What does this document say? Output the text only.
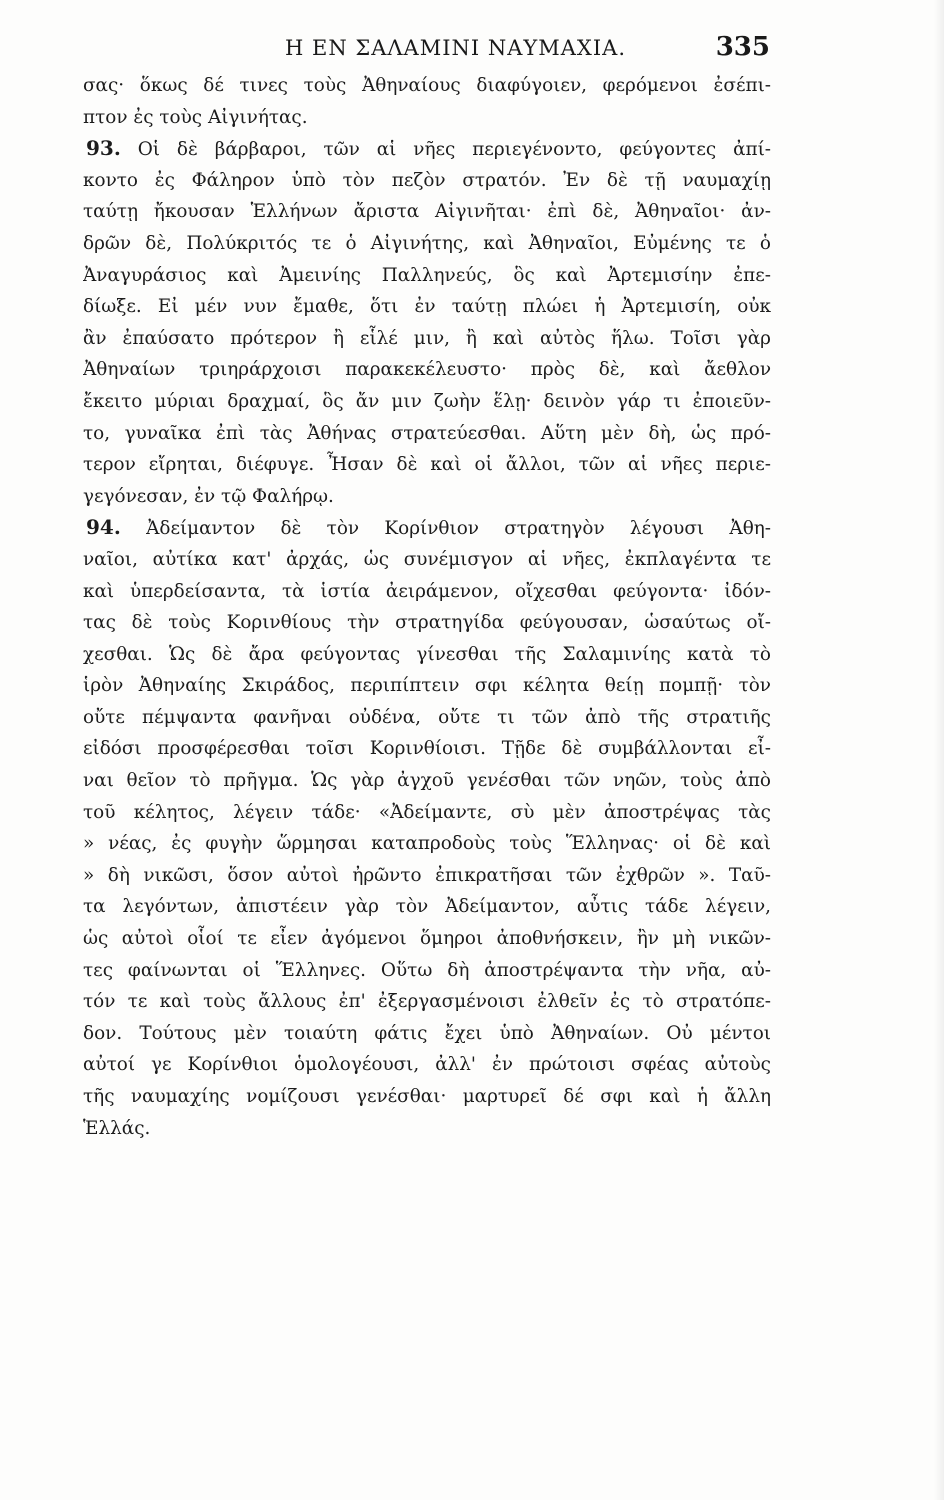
Η ΕΝ ΣΑΛΑΜΙΝΙ ΝΑΥΜΑΧΙΑ.	335
σας· ὅκως δέ τινες τοὺς Ἀθηναίους διαφύγοιεν, φερόμενοι ἐσέπι-
πτον ἐς τοὺς Αἰγινήτας.
93. Οἱ δὲ βάρβαροι, τῶν αἱ νῆες περιεγένοντο, φεύγοντες ἀπί-
κοντο ἐς Φάληρον ὑπὸ τὸν πεζὸν στρατόν. Ἐν δὲ τῇ ναυμαχίῃ
ταύτῃ ἤκουσαν Ἑλλήνων ἄριστα Αἰγινῆται· ἐπὶ δὲ, Ἀθηναῖοι· ἀν-
δρῶν δὲ, Πολύκριτός τε ὁ Αἰγινήτης, καὶ Ἀθηναῖοι, Εὐμένης τε ὁ
Ἀναγυράσιος καὶ Ἀμεινίης Παλληνεύς, ὃς καὶ Ἀρτεμισίην ἐπε-
δίωξε. Εἰ μέν νυν ἔμαθε, ὅτι ἐν ταύτῃ πλώει ἡ Ἀρτεμισίη, οὐκ
ἂν ἐπαύσατο πρότερον ἢ εἷλέ μιν, ἢ καὶ αὐτὸς ἥλω. Τοῖσι γὰρ
Ἀθηναίων τριηράρχοισι παρακεκέλευστο· πρὸς δὲ, καὶ ἄεθλον
ἔκειτο μύριαι δραχμαί, ὃς ἄν μιν ζωὴν ἕλῃ· δεινὸν γάρ τι ἐποιεῦν-
το, γυναῖκα ἐπὶ τὰς Ἀθήνας στρατεύεσθαι. Αὕτη μὲν δὴ, ὡς πρό-
τερον εἴρηται, διέφυγε. Ἦσαν δὲ καὶ οἱ ἄλλοι, τῶν αἱ νῆες περιε-
γεγόνεσαν, ἐν τῷ Φαλήρῳ.
94. Ἀδείμαντον δὲ τὸν Κορίνθιον στρατηγὸν λέγουσι Ἀθη-
ναῖοι, αὐτίκα κατ' ἀρχάς, ὡς συνέμισγον αἱ νῆες, ἐκπλαγέντα τε
καὶ ὑπερδείσαντα, τὰ ἱστία ἀειράμενον, οἴχεσθαι φεύγοντα· ἰδόν-
τας δὲ τοὺς Κορινθίους τὴν στρατηγίδα φεύγουσαν, ὡσαύτως οἴ-
χεσθαι. Ὡς δὲ ἄρα φεύγοντας γίνεσθαι τῆς Σαλαμινίης κατὰ τὸ
ἱρὸν Ἀθηναίης Σκιράδος, περιπίπτειν σφι κέλητα θείῃ πομπῇ· τὸν
οὔτε πέμψαντα φανῆναι οὐδένα, οὔτε τι τῶν ἀπὸ τῆς στρατιῆς
εἰδόσι προσφέρεσθαι τοῖσι Κορινθίοισι. Τῇδε δὲ συμβάλλονται εἶ-
ναι θεῖον τὸ πρῆγμα. Ὡς γὰρ ἀγχοῦ γενέσθαι τῶν νηῶν, τοὺς ἀπὸ
τοῦ κέλητος, λέγειν τάδε· «Ἀδείμαντε, σὺ μὲν ἀποστρέψας τὰς
» νέας, ἐς φυγὴν ὥρμησαι καταπροδοὺς τοὺς Ἕλληνας· οἱ δὲ καὶ
» δὴ νικῶσι, ὅσον αὐτοὶ ἠρῶντο ἐπικρατῆσαι τῶν ἐχθρῶν ». Ταῦ-
τα λεγόντων, ἀπιστέειν γὰρ τὸν Ἀδείμαντον, αὖτις τάδε λέγειν,
ὡς αὐτοὶ οἷοί τε εἶεν ἀγόμενοι ὅμηροι ἀποθνήσκειν, ἢν μὴ νικῶν-
τες φαίνωνται οἱ Ἕλληνες. Οὕτω δὴ ἀποστρέψαντα τὴν νῆα, αὐ-
τόν τε καὶ τοὺς ἄλλους ἐπ' ἐξεργασμένοισι ἐλθεῖν ἐς τὸ στρατόπε-
δον. Τούτους μὲν τοιαύτη φάτις ἔχει ὑπὸ Ἀθηναίων. Οὐ μέντοι
αὐτοί γε Κορίνθιοι ὁμολογέουσι, ἀλλ' ἐν πρώτοισι σφέας αὐτοὺς
τῆς ναυμαχίης νομίζουσι γενέσθαι· μαρτυρεῖ δέ σφι καὶ ἡ ἄλλη
Ἑλλάς.
